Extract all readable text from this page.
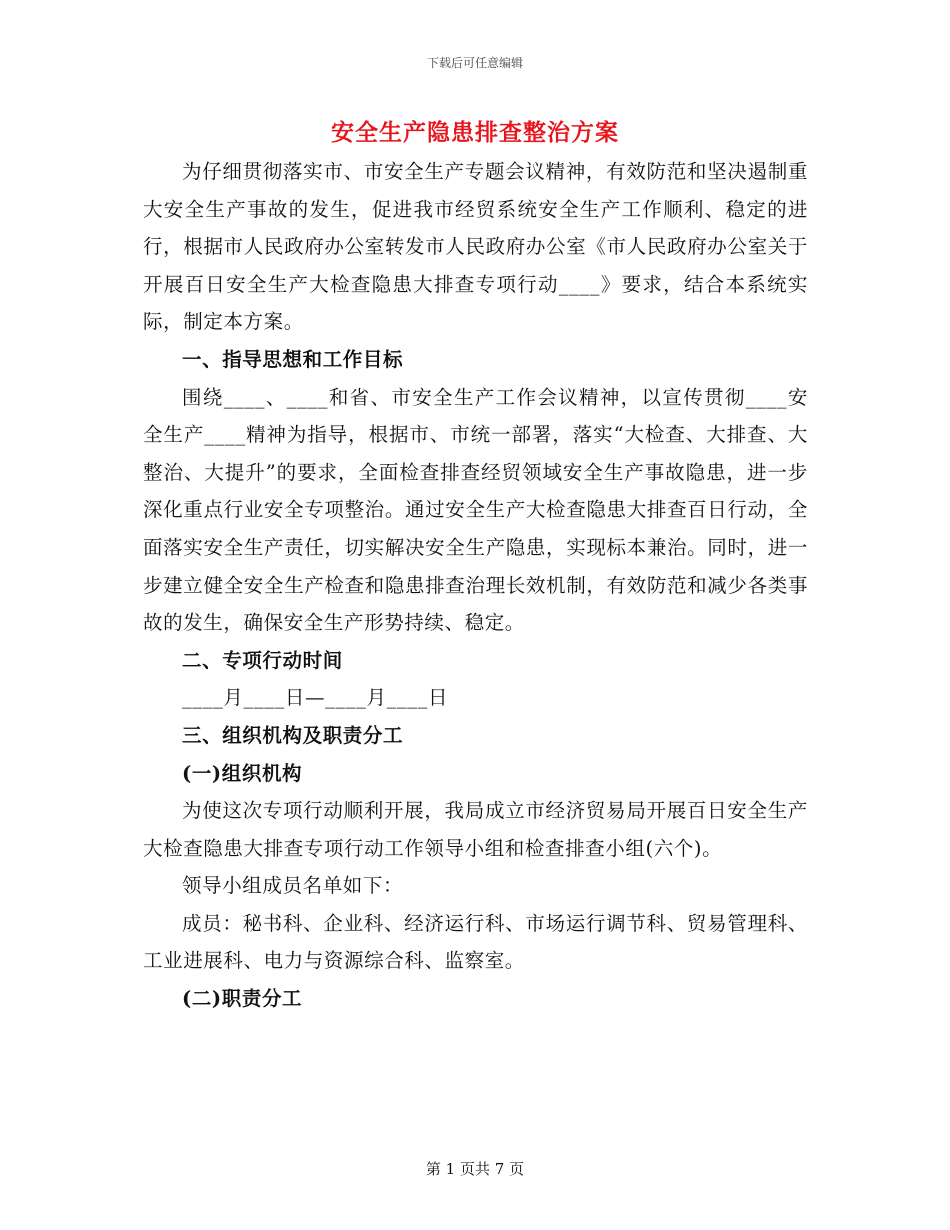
下载后可任意编辑
安全生产隐患排查整治方案

为仔细贯彻落实市、市安全生产专题会议精神，有效防范和坚决遏制重大安全生产事故的发生，促进我市经贸系统安全生产工作顺利、稳定的进行，根据市人民政府办公室转发市人民政府办公室《市人民政府办公室关于开展百日安全生产大检查隐患大排查专项行动____》要求，结合本系统实际，制定本方案。

一、指导思想和工作目标

围绕____、____和省、市安全生产工作会议精神，以宣传贯彻____安全生产____精神为指导，根据市、市统一部署，落实“大检查、大排查、大整治、大提升”的要求，全面检查排查经贸领域安全生产事故隐患，进一步深化重点行业安全专项整治。通过安全生产大检查隐患大排查百日行动，全面落实安全生产责任，切实解决安全生产隐患，实现标本兼治。同时，进一步建立健全安全生产检查和隐患排查治理长效机制，有效防范和减少各类事故的发生，确保安全生产形势持续、稳定。

二、专项行动时间

____月____日—____月____日

三、组织机构及职责分工

(一)组织机构

为使这次专项行动顺利开展，我局成立市经济贸易局开展百日安全生产大检查隐患大排查专项行动工作领导小组和检查排查小组(六个)。

领导小组成员名单如下：

成员：秘书科、企业科、经济运行科、市场运行调节科、贸易管理科、工业进展科、电力与资源综合科、监察室。

(二)职责分工

第 1 页共 7 页
